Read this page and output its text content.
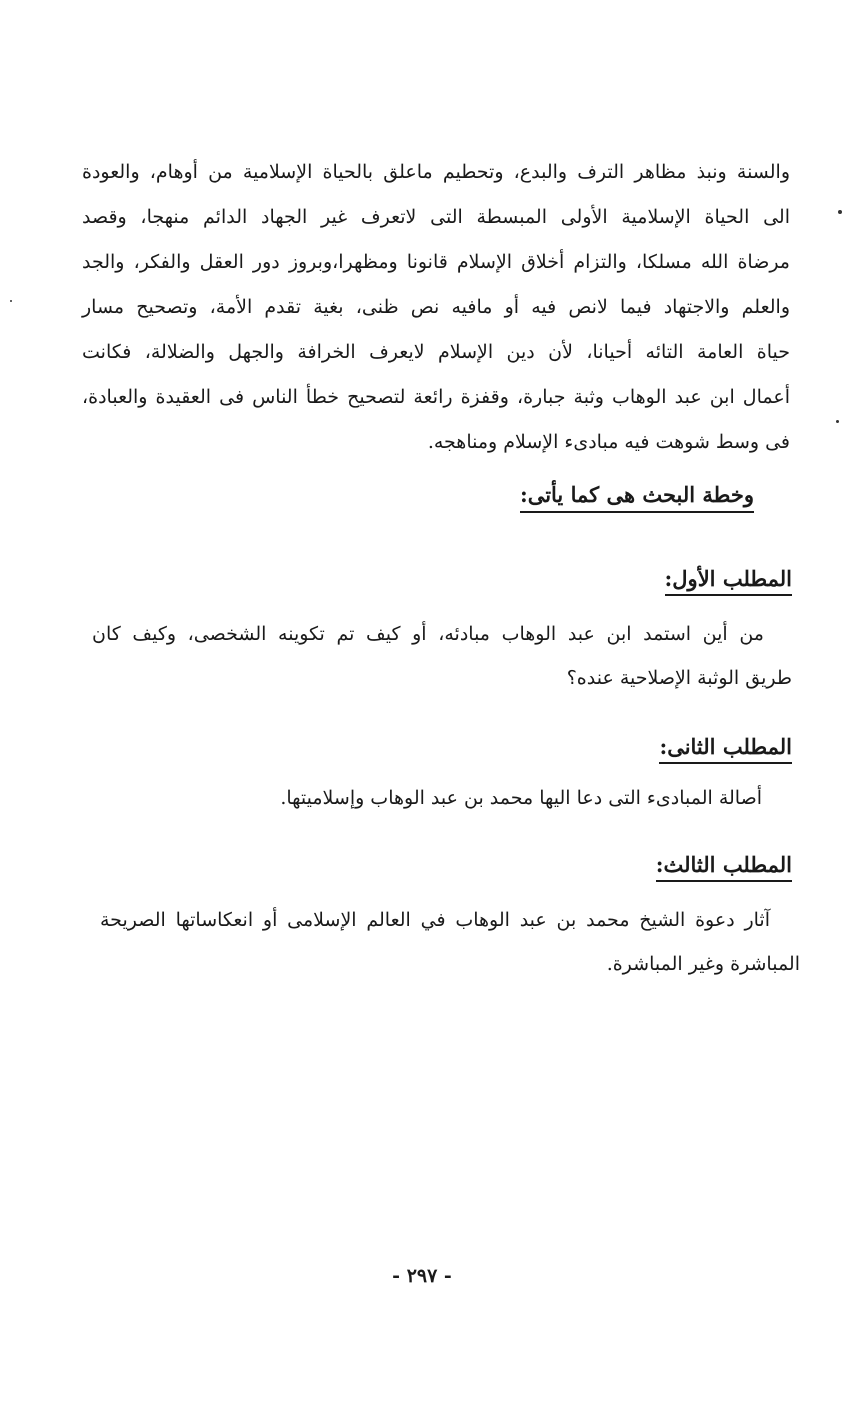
والسنة ونبذ مظاهر الترف والبدع، وتحطيم ماعلق بالحياة الإسلامية من أوهام، والعودة
الى الحياة الإسلامية الأولى المبسطة التى لاتعرف غير الجهاد الدائم منهجا، وقصد
مرضاة الله مسلكا، والتزام أخلاق الإسلام قانونا ومظهرا،وبروز دور العقل والفكر، والجد
والعلم والاجتهاد فيما لانص فيه أو مافيه نص ظنى، بغية تقدم الأمة، وتصحيح مسار
حياة العامة التائه أحيانا، لأن دين الإسلام لايعرف الخرافة والجهل والضلالة، فكانت
أعمال ابن عبد الوهاب وثبة جبارة، وقفزة رائعة لتصحيح خطأ الناس فى العقيدة والعبادة،
فى وسط شوهت فيه مبادىء الإسلام ومناهجه.
وخطة البحث هى كما يأتى:
المطلب الأول:
من أين استمد ابن عبد الوهاب مبادئه، أو كيف تم تكوينه الشخصى، وكيف كان
طريق الوثبة الإصلاحية عنده؟
المطلب الثانى:
أصالة المبادىء التى دعا اليها محمد بن عبد الوهاب وإسلاميتها.
المطلب الثالث:
آثار دعوة الشيخ محمد بن عبد الوهاب في العالم الإسلامى أو انعكاساتها الصريحة
المباشرة وغير المباشرة.

- ٢٩٧ -
